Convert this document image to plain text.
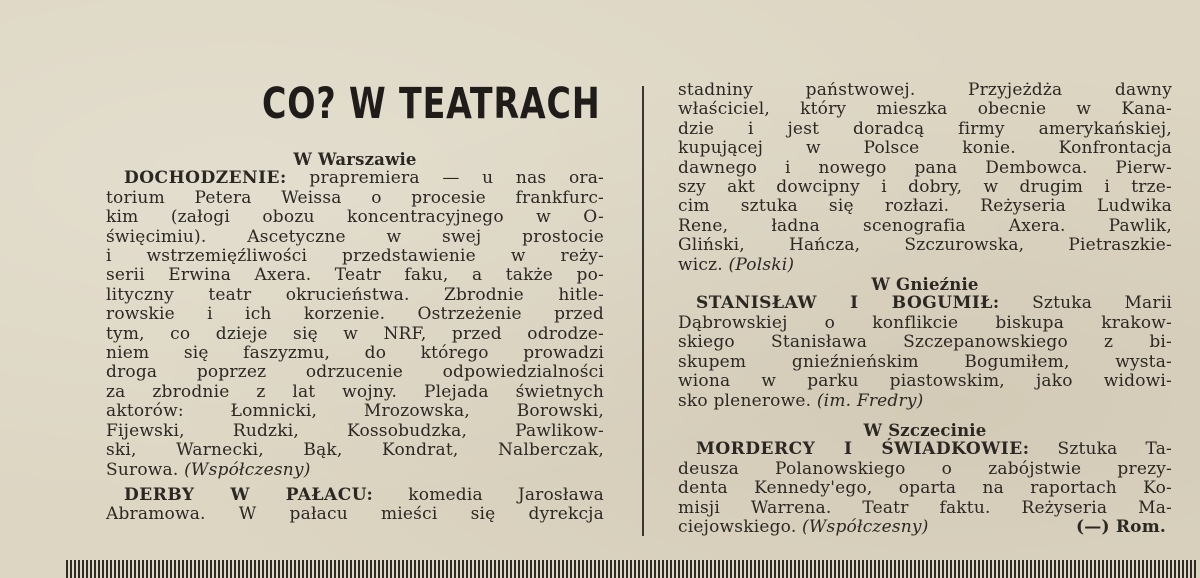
CO? W TEATRACH
W Warszawie
DOCHODZENIE: prapremiera — u nas ora-
torium Petera Weissa o procesie frankfurc-
kim (załogi obozu koncentracyjnego w O-
święcimiu). Ascetyczne w swej prostocie
i wstrzemięźliwości przedstawienie w reży-
serii Erwina Axera. Teatr faku, a także po-
lityczny teatr okrucieństwa. Zbrodnie hitle-
rowskie i ich korzenie. Ostrzeżenie przed
tym, co dzieje się w NRF, przed odrodze-
niem się faszyzmu, do którego prowadzi
droga poprzez odrzucenie odpowiedzialności
za zbrodnie z lat wojny. Plejada świetnych
aktorów: Łomnicki, Mrozowska, Borowski,
Fijewski, Rudzki, Kossobudzka, Pawlikow-
ski, Warnecki, Bąk, Kondrat, Nalberczak,
Surowa. (Współczesny)
DERBY W PAŁACU: komedia Jarosława
Abramowa. W pałacu mieści się dyrekcja
stadniny państwowej. Przyjeżdża dawny
właściciel, który mieszka obecnie w Kana-
dzie i jest doradcą firmy amerykańskiej,
kupującej w Polsce konie. Konfrontacja
dawnego i nowego pana Dembowca. Pierw-
szy akt dowcipny i dobry, w drugim i trze-
cim sztuka się rozłazi. Reżyseria Ludwika
Rene, ładna scenografia Axera. Pawlik,
Gliński, Hańcza, Szczurowska, Pietraszkie-
wicz. (Polski)
W Gnieźnie
STANISŁAW I BOGUMIŁ: Sztuka Marii
Dąbrowskiej o konflikcie biskupa krakow-
skiego Stanisława Szczepanowskiego z bi-
skupem gnieźnieńskim Bogumiłem, wysta-
wiona w parku piastowskim, jako widowi-
sko plenerowe. (im. Fredry)
W Szczecinie
MORDERCY I ŚWIADKOWIE: Sztuka Ta-
deusza Polanowskiego o zabójstwie prezy-
denta Kennedy'ego, oparta na raportach Ko-
misji Warrena. Teatr faktu. Reżyseria Ma-
ciejowskiego. (Współczesny)	(—) Rom.
